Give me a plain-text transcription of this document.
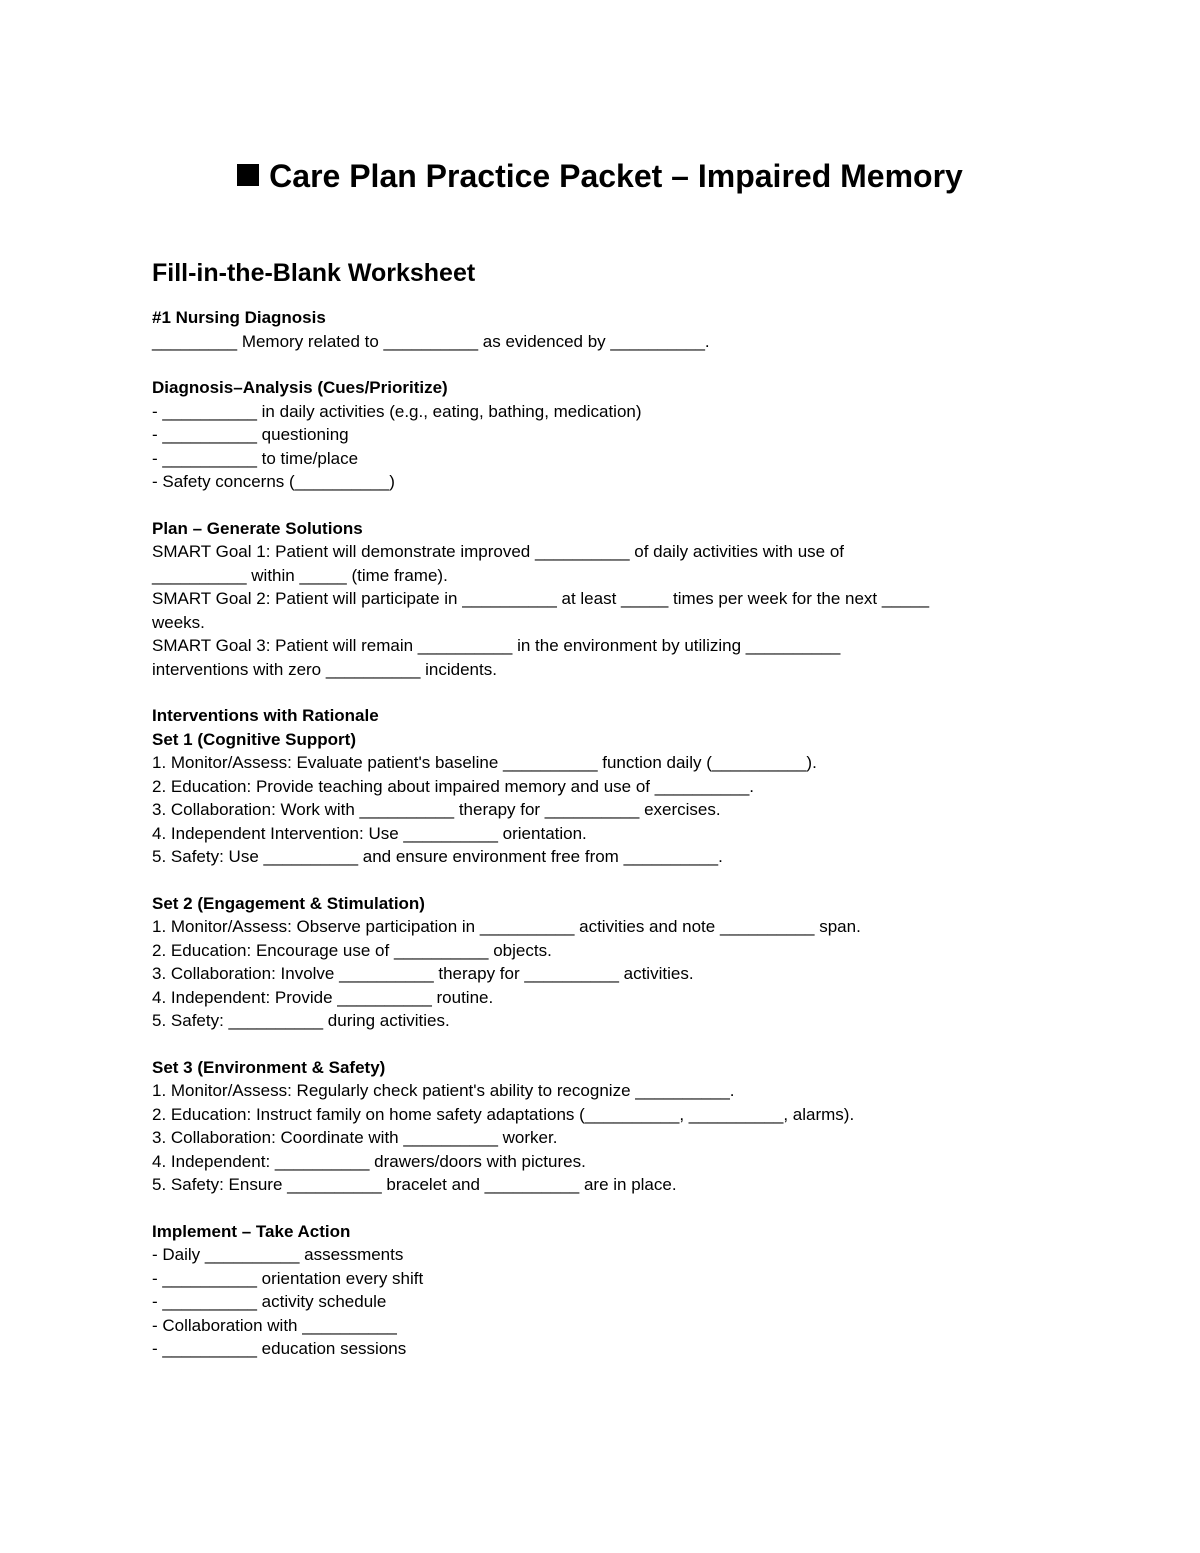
Care Plan Practice Packet – Impaired Memory
Fill-in-the-Blank Worksheet
#1 Nursing Diagnosis
_________ Memory related to __________ as evidenced by __________.
Diagnosis–Analysis (Cues/Prioritize)
- __________ in daily activities (e.g., eating, bathing, medication)
- __________ questioning
- __________ to time/place
- Safety concerns (__________)
Plan – Generate Solutions
SMART Goal 1: Patient will demonstrate improved __________ of daily activities with use of
__________ within _____ (time frame).
SMART Goal 2: Patient will participate in __________ at least _____ times per week for the next _____
weeks.
SMART Goal 3: Patient will remain __________ in the environment by utilizing __________
interventions with zero __________ incidents.
Interventions with Rationale
Set 1 (Cognitive Support)
1. Monitor/Assess: Evaluate patient's baseline __________ function daily (__________).
2. Education: Provide teaching about impaired memory and use of __________.
3. Collaboration: Work with __________ therapy for __________ exercises.
4. Independent Intervention: Use __________ orientation.
5. Safety: Use __________ and ensure environment free from __________.
Set 2 (Engagement & Stimulation)
1. Monitor/Assess: Observe participation in __________ activities and note __________ span.
2. Education: Encourage use of __________ objects.
3. Collaboration: Involve __________ therapy for __________ activities.
4. Independent: Provide __________ routine.
5. Safety: __________ during activities.
Set 3 (Environment & Safety)
1. Monitor/Assess: Regularly check patient's ability to recognize __________.
2. Education: Instruct family on home safety adaptations (__________, __________, alarms).
3. Collaboration: Coordinate with __________ worker.
4. Independent: __________ drawers/doors with pictures.
5. Safety: Ensure __________ bracelet and __________ are in place.
Implement – Take Action
- Daily __________ assessments
- __________ orientation every shift
- __________ activity schedule
- Collaboration with __________
- __________ education sessions
